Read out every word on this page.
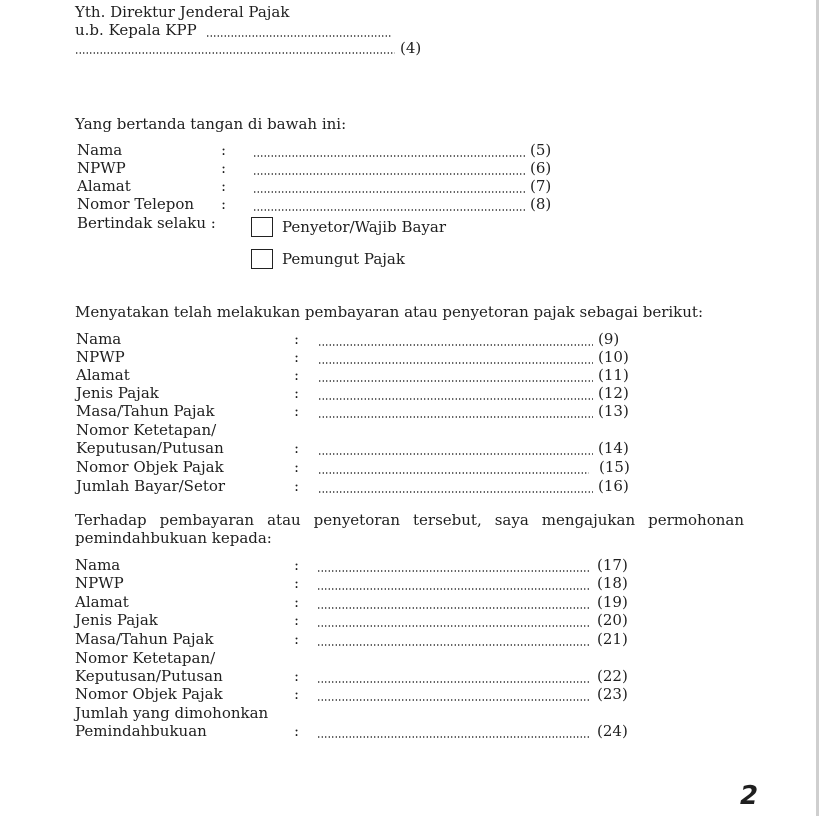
Yth. Direktur Jenderal Pajak
u.b. Kepala KPP
(4)
Yang bertanda tangan di bawah ini:
Nama	:	(5)
NPWP	:	(6)
Alamat	:	(7)
Nomor Telepon :	(8)
Bertindak selaku :	Penyetor/Wajib Bayar
Pemungut Pajak
Menyatakan telah melakukan pembayaran atau penyetoran pajak sebagai berikut:
Nama	:	(9)
NPWP	:	(10)
Alamat	:	(11)
Jenis Pajak	:	(12)
Masa/Tahun Pajak	:	(13)
Nomor Ketetapan/
Keputusan/Putusan	:	(14)
Nomor Objek Pajak	:	(15)
Jumlah Bayar/Setor	:	(16)
Terhadap pembayaran atau penyetoran tersebut, saya mengajukan permohonan
pemindahbukuan kepada:
Nama	:	(17)
NPWP	:	(18)
Alamat	:	(19)
Jenis Pajak	:	(20)
Masa/Tahun Pajak	:	(21)
Nomor Ketetapan/
Keputusan/Putusan	:	(22)
Nomor Objek Pajak	:	(23)
Jumlah yang dimohonkan
Pemindahbukuan	:	(24)
2
